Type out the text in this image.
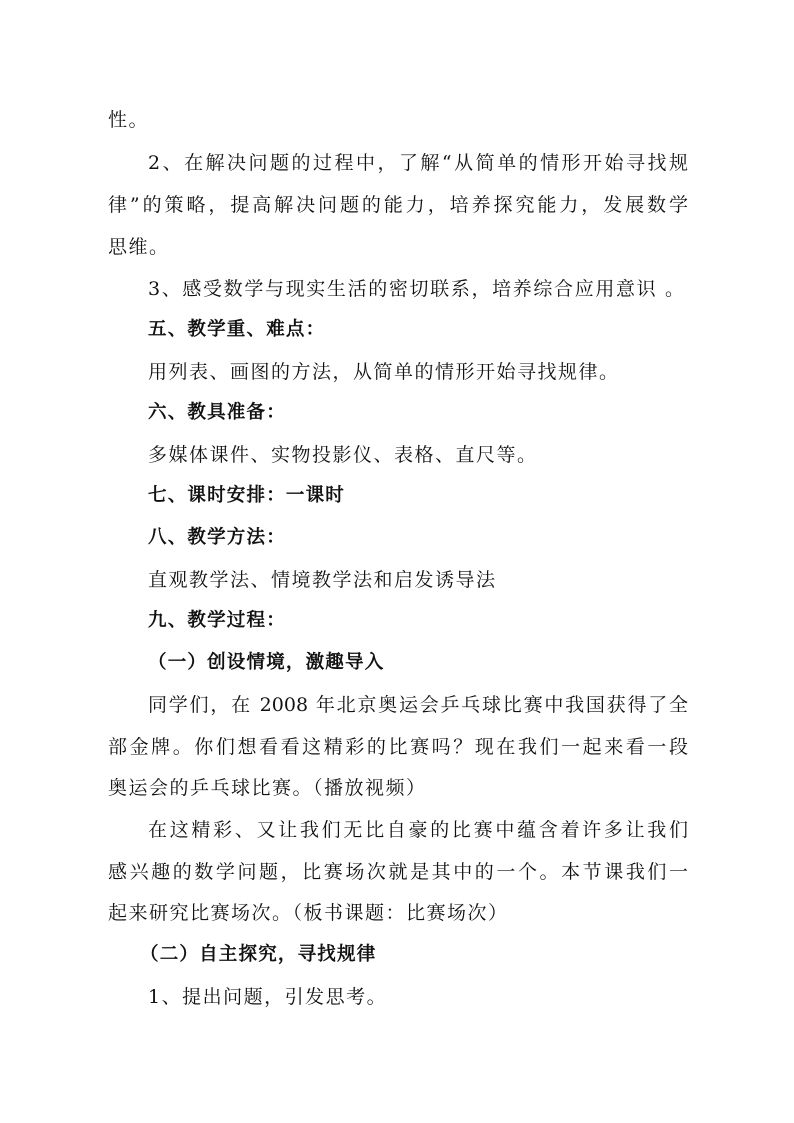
性。
2、在解决问题的过程中，了解“从简单的情形开始寻找规
律”的策略，提高解决问题的能力，培养探究能力，发展数学
思维。
3、感受数学与现实生活的密切联系，培养综合应用意识 。
五、教学重、难点：
用列表、画图的方法，从简单的情形开始寻找规律。
六、教具准备：
多媒体课件、实物投影仪、表格、直尺等。
七、课时安排：一课时
八、教学方法：
直观教学法、情境教学法和启发诱导法
九、教学过程：
（一）创设情境，激趣导入
同学们，在 2008 年北京奥运会乒乓球比赛中我国获得了全
部金牌。你们想看看这精彩的比赛吗？现在我们一起来看一段
奥运会的乒乓球比赛。（播放视频）
在这精彩、又让我们无比自豪的比赛中蕴含着许多让我们
感兴趣的数学问题，比赛场次就是其中的一个。本节课我们一
起来研究比赛场次。（板书课题：比赛场次）
（二）自主探究，寻找规律
1、提出问题，引发思考。
